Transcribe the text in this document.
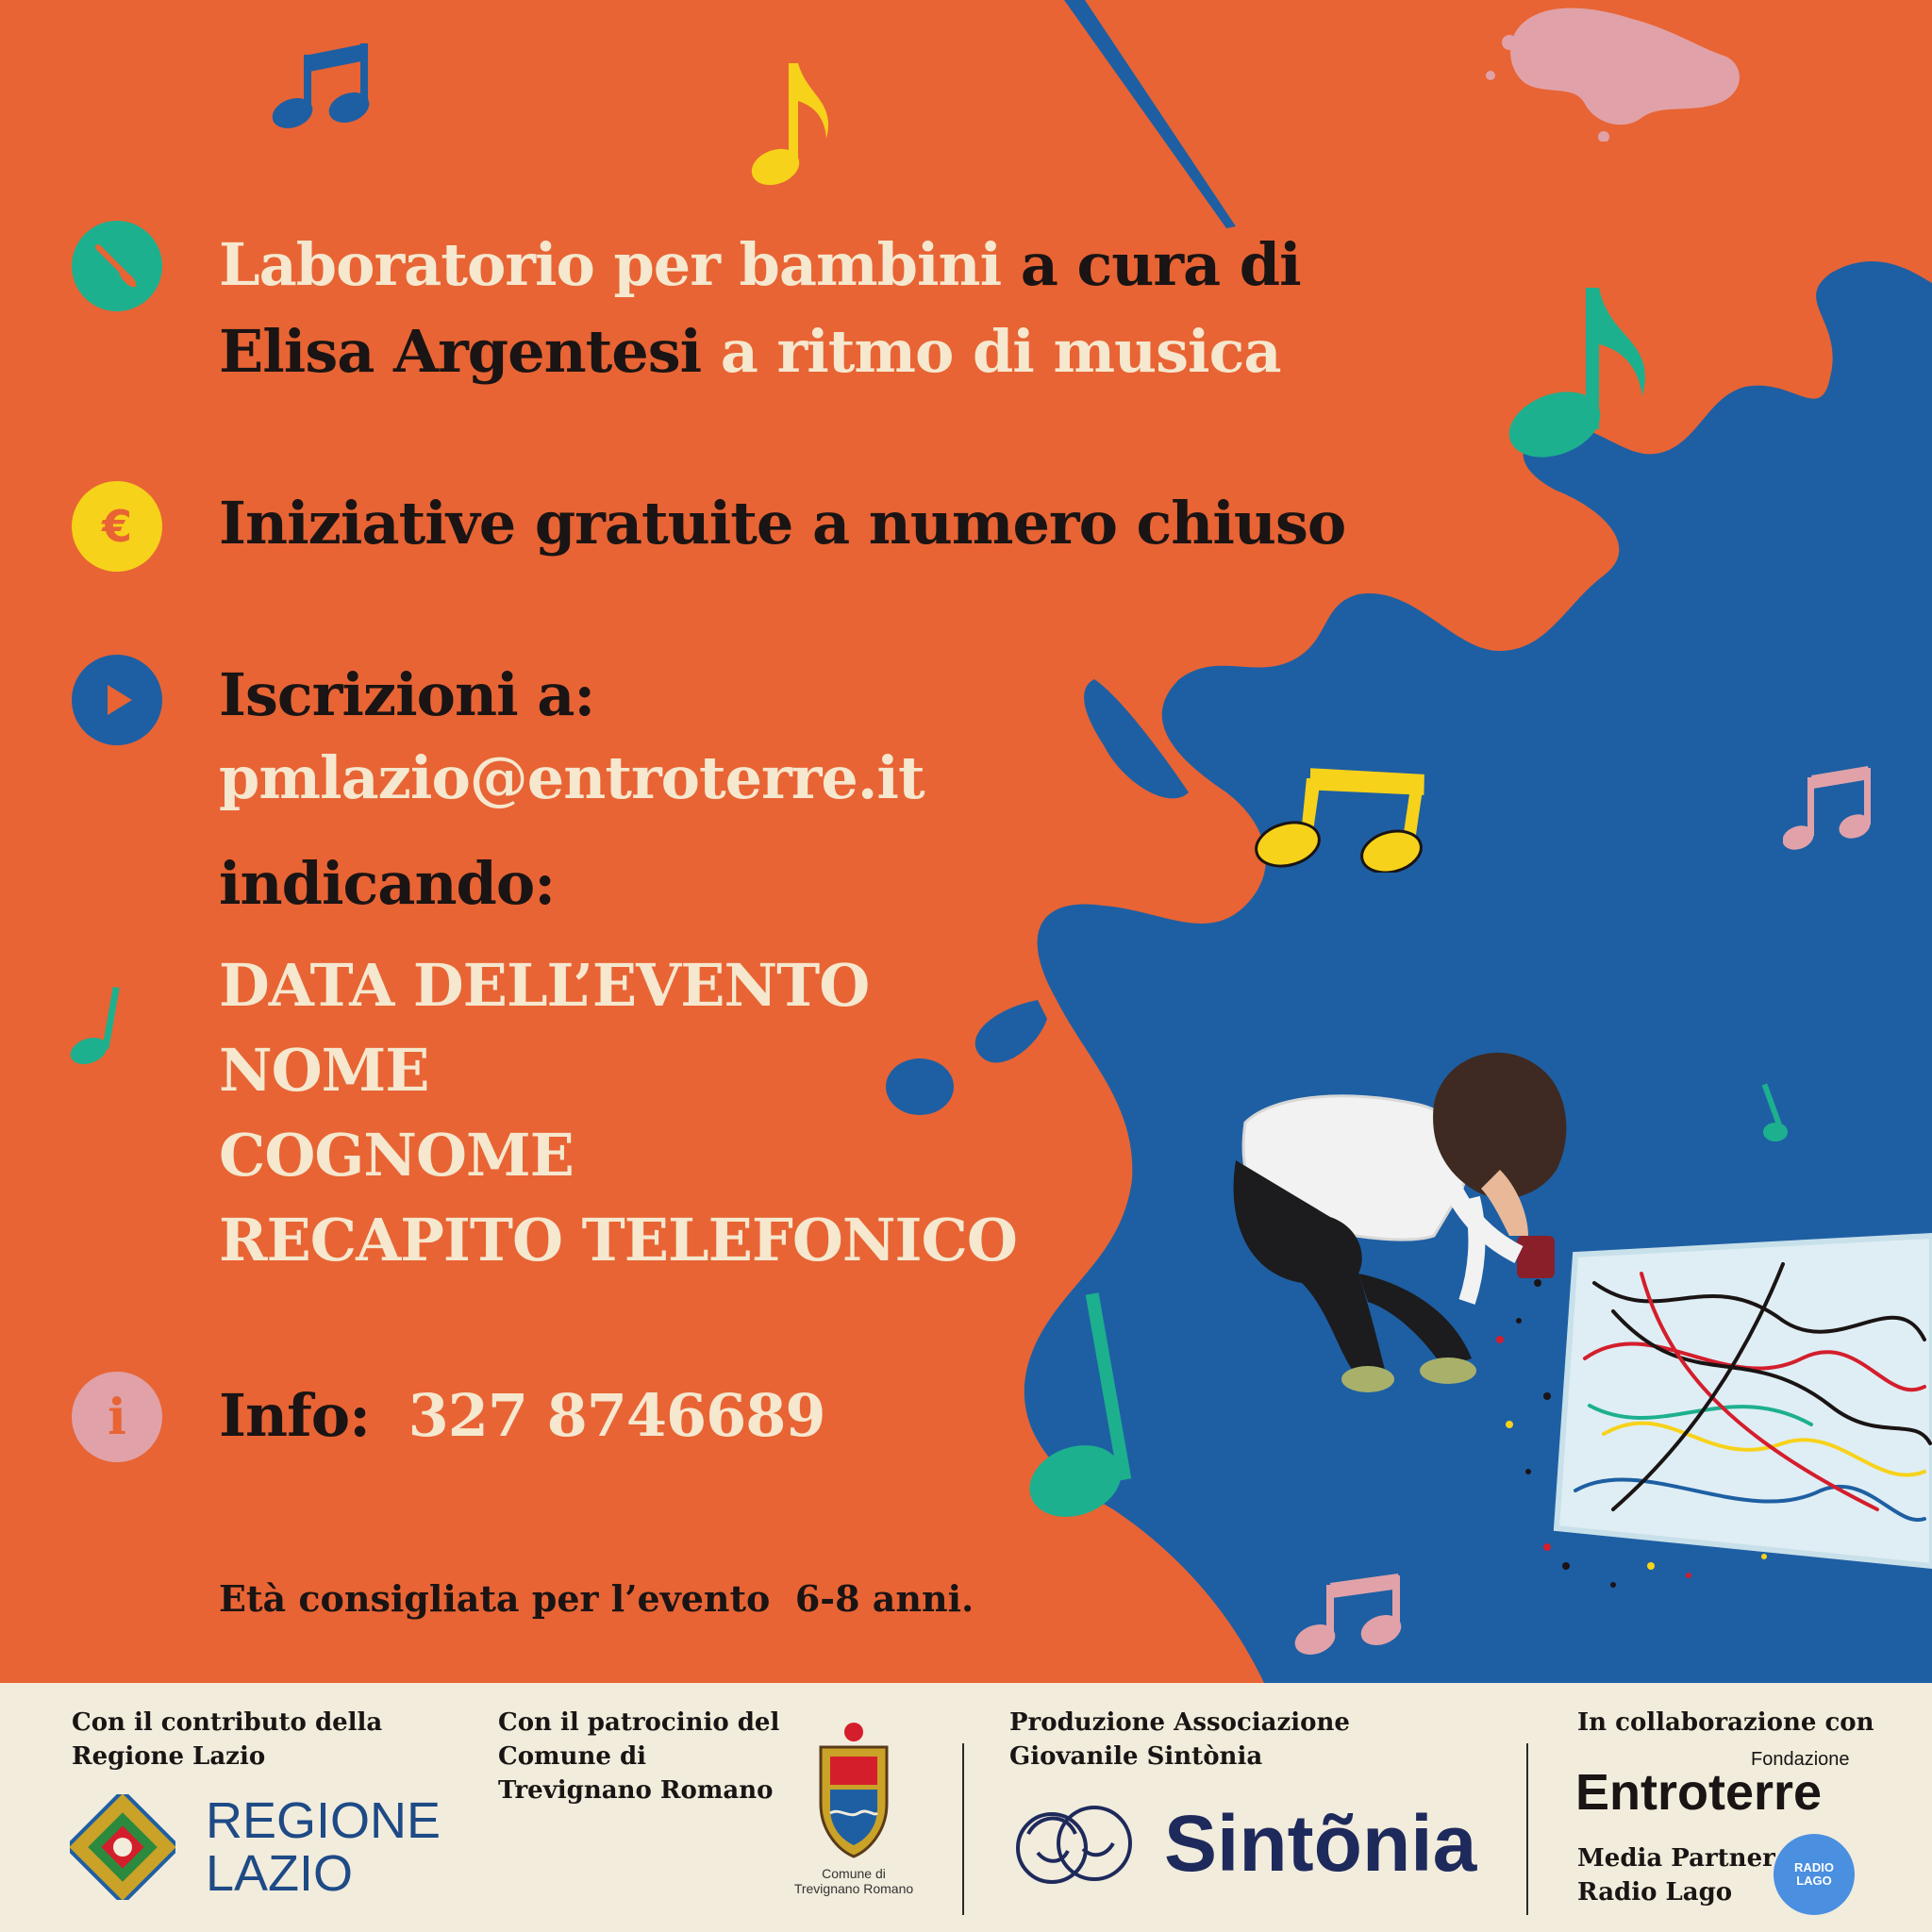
€
i
Laboratorio per bambini a cura di
Elisa Argentesi a ritmo di musica
Iniziative gratuite a numero chiuso
Iscrizioni a:
pmlazio@entroterre.it
indicando:
DATA DELL’EVENTO
NOME
COGNOME
RECAPITO TELEFONICO
Info: 327 8746689
Età consigliata per l’evento  6-8 anni.
Con il contributo della
Regione Lazio
REGIONE
LAZIO
Con il patrocinio del
Comune di
Trevignano Romano
Comune di
Trevignano Romano
Produzione Associazione
Giovanile Sintònia
Sintõnia
In collaborazione con
Fondazione
Entroterre
Media Partner
Radio Lago
RADIO
LAGO
